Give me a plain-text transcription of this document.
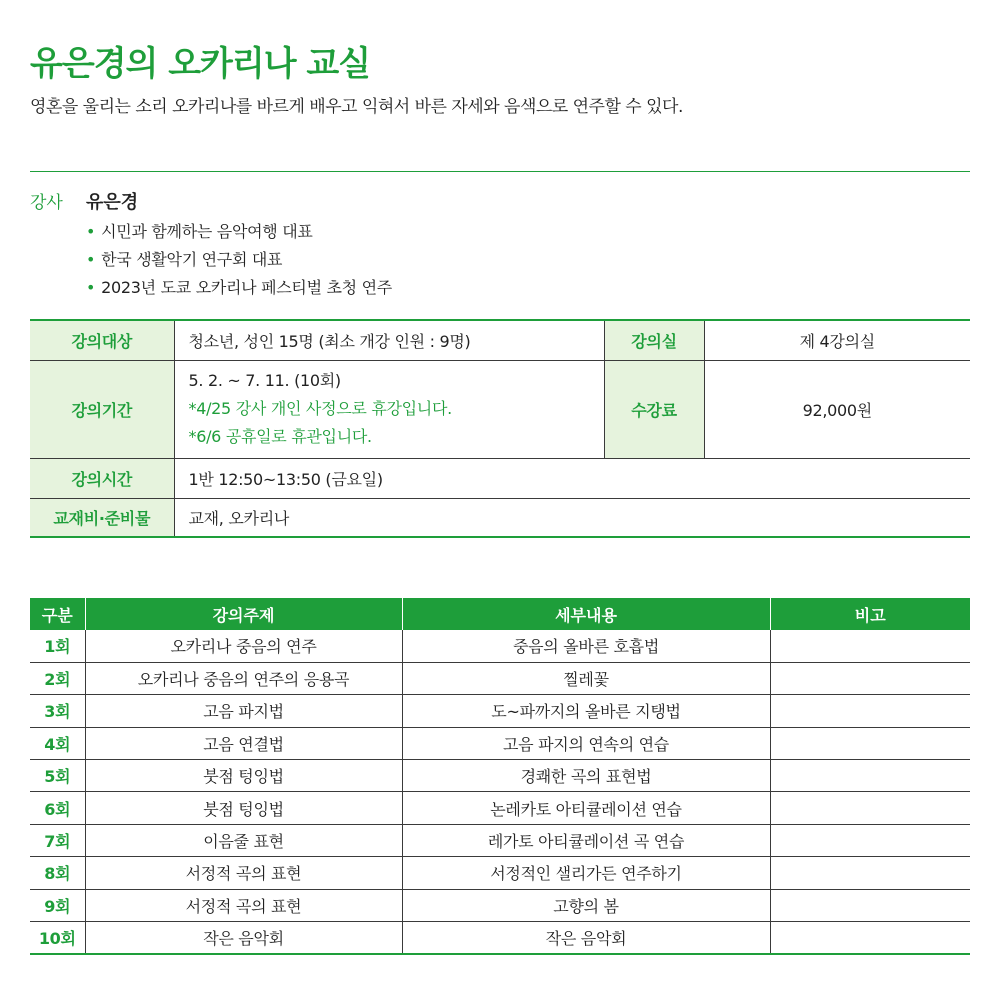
유은경의 오카리나 교실
영혼을 울리는 소리 오카리나를 바르게 배우고 익혀서 바른 자세와 음색으로 연주할 수 있다.
강사	유은경
• 시민과 함께하는 음악여행 대표
• 한국 생활악기 연구회 대표
• 2023년 도쿄 오카리나 페스티벌 초청 연주
강의대상	청소년, 성인 15명 (최소 개강 인원 : 9명)	강의실	제 4강의실
강의기간	5. 2. ~ 7. 11. (10회)
*4/25 강사 개인 사정으로 휴강입니다.
*6/6 공휴일로 휴관입니다.	수강료	92,000원
강의시간	1반 12:50~13:50 (금요일)		
교재비·준비물	교재, 오카리나		
구분	강의주제	세부내용	비고
1회	오카리나 중음의 연주	중음의 올바른 호흡법	
2회	오카리나 중음의 연주의 응용곡	찔레꽃	
3회	고음 파지법	도~파까지의 올바른 지탱법	
4회	고음 연결법	고음 파지의 연속의 연습	
5회	붓점 텅잉법	경쾌한 곡의 표현법	
6회	붓점 텅잉법	논레카토 아티큘레이션 연습	
7회	이음줄 표현	레가토 아티큘레이션 곡 연습	
8회	서정적 곡의 표현	서정적인 샐리가든 연주하기	
9회	서정적 곡의 표현	고향의 봄	
10회	작은 음악회	작은 음악회	
